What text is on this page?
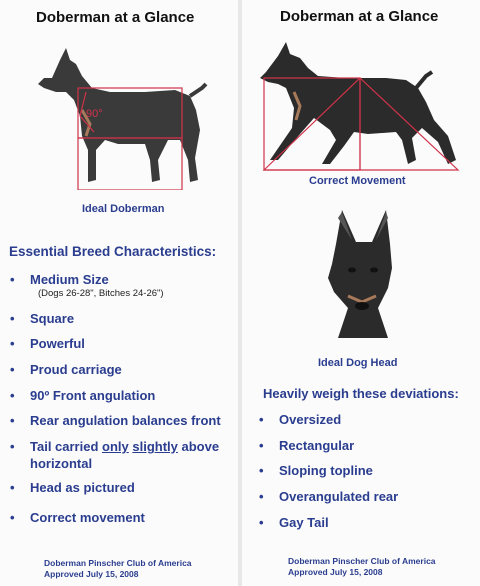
Doberman at a Glance
90°
Ideal Doberman
Essential Breed Characteristics:
• Medium Size
(Dogs 26-28", Bitches 24-26")
• Square
• Powerful
• Proud carriage
• 90º Front angulation
• Rear angulation balances front
• Tail carried only slightly above
horizontal
• Head as pictured
• Correct movement
Doberman Pinscher Club of America
Approved July 15, 2008
Doberman at a Glance
Correct Movement
Ideal Dog Head
Heavily weigh these deviations:
• Oversized
• Rectangular
• Sloping topline
• Overangulated rear
• Gay Tail
Doberman Pinscher Club of America
Approved July 15, 2008
